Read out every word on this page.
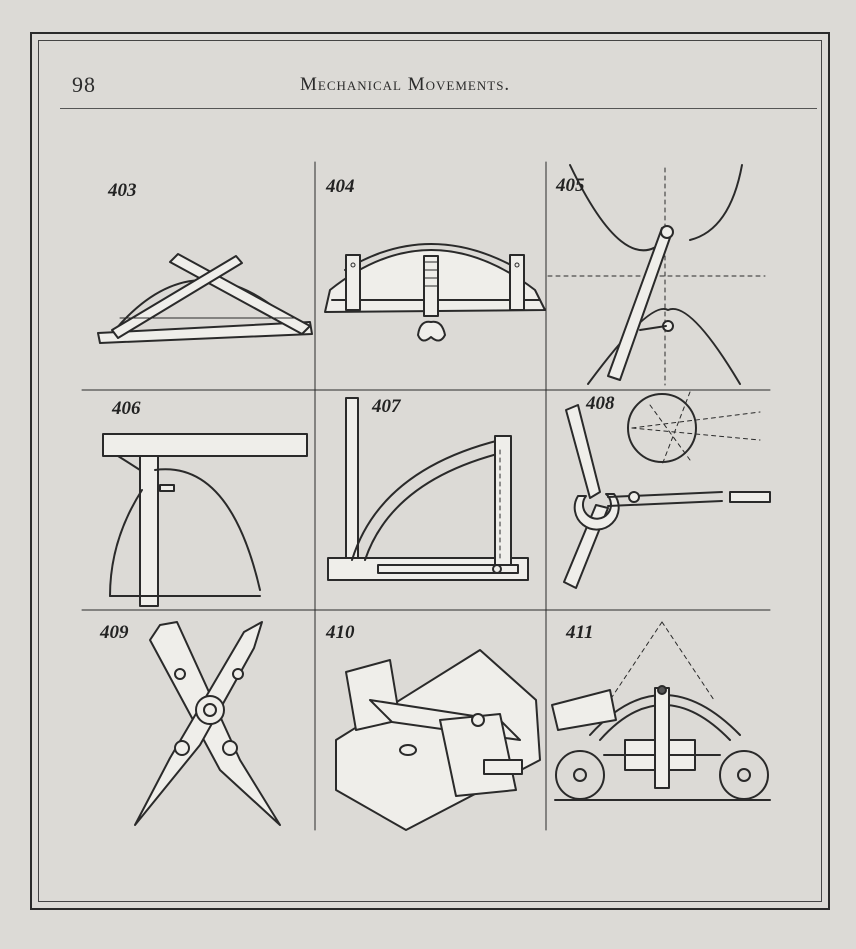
98	Mechanical Movements.
403	404	405
406	407	408
409	410	411
